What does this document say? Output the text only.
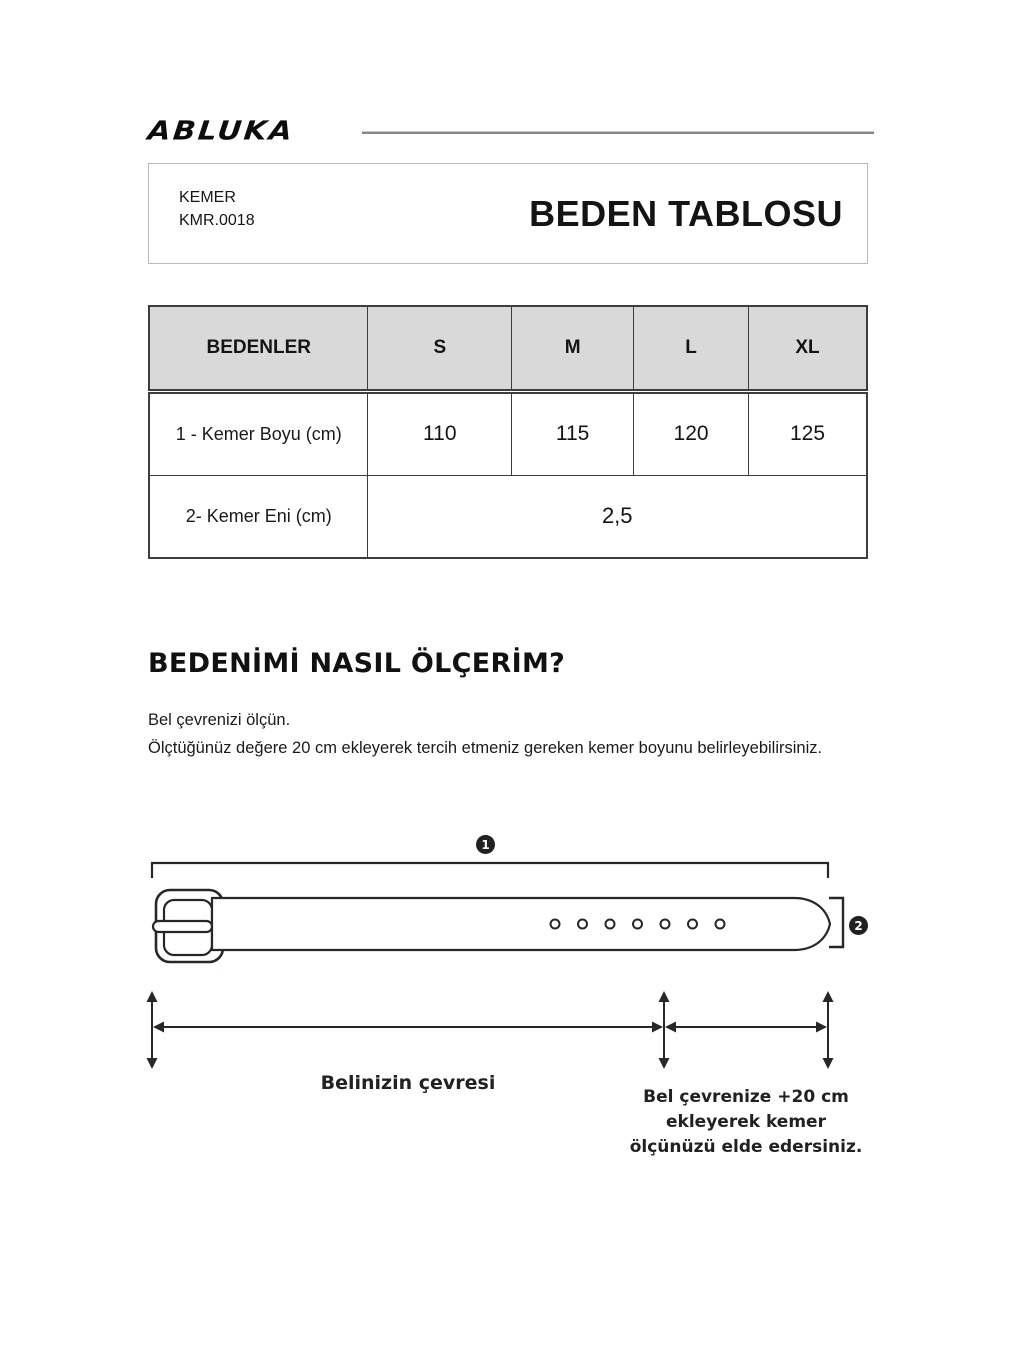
ABLUKA
KEMER
KMR.0018	BEDEN TABLOSU
BEDENLER	S	M	L	XL
1 - Kemer Boyu (cm)	110	115	120	125
2- Kemer Eni (cm)	2,5			
BEDENİMİ NASIL ÖLÇERİM?
Bel çevrenizi ölçün.
Ölçtüğünüz değere 20 cm ekleyerek tercih etmeniz gereken kemer boyunu belirleyebilirsiniz.
1
2
Belinizin çevresi
Bel çevrenize +20 cm
ekleyerek kemer
ölçünüzü elde edersiniz.
